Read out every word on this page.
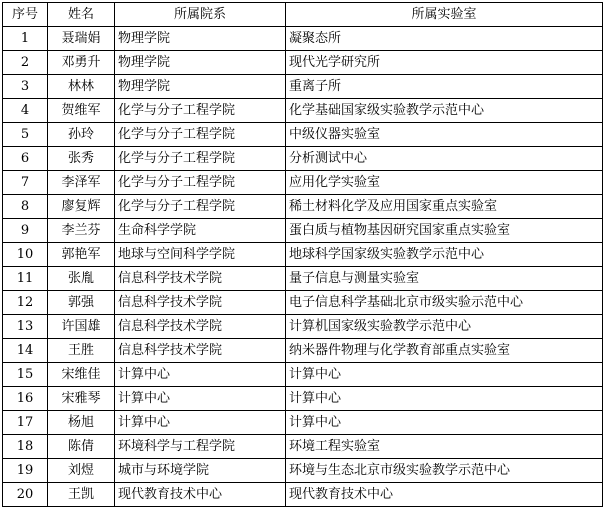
序号	姓名	所属院系	所属实验室
1	聂瑞娟	物理学院	凝聚态所
2	邓勇升	物理学院	现代光学研究所
3	林林	物理学院	重离子所
4	贺维军	化学与分子工程学院	化学基础国家级实验教学示范中心
5	孙玲	化学与分子工程学院	中级仪器实验室
6	张秀	化学与分子工程学院	分析测试中心
7	李泽军	化学与分子工程学院	应用化学实验室
8	廖复辉	化学与分子工程学院	稀土材料化学及应用国家重点实验室
9	李兰芬	生命科学学院	蛋白质与植物基因研究国家重点实验室
10	郭艳军	地球与空间科学学院	地球科学国家级实验教学示范中心
11	张胤	信息科学技术学院	量子信息与测量实验室
12	郭强	信息科学技术学院	电子信息科学基础北京市级实验示范中心
13	许国雄	信息科学技术学院	计算机国家级实验教学示范中心
14	王胜	信息科学技术学院	纳米器件物理与化学教育部重点实验室
15	宋维佳	计算中心	计算中心
16	宋雅琴	计算中心	计算中心
17	杨旭	计算中心	计算中心
18	陈倩	环境科学与工程学院	环境工程实验室
19	刘煜	城市与环境学院	环境与生态北京市级实验教学示范中心
20	王凯	现代教育技术中心	现代教育技术中心
